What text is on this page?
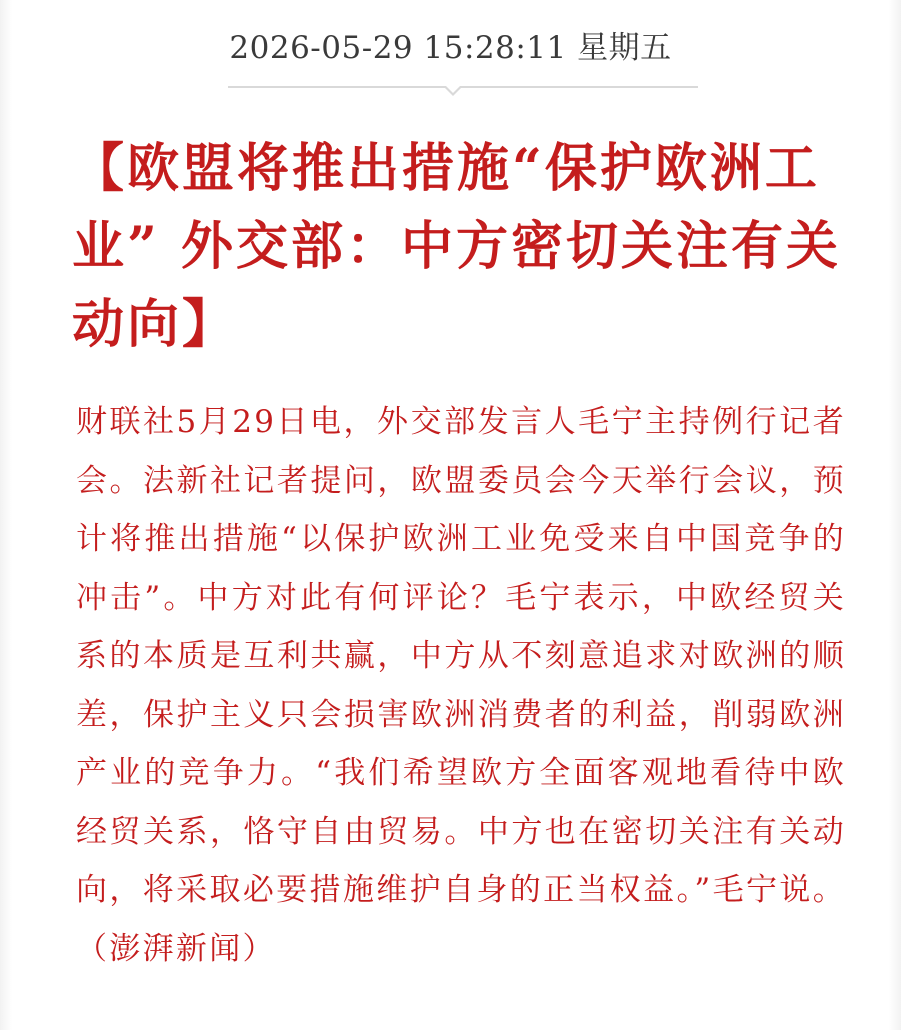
2026-05-29 15:28:11 星期五
【欧盟将推出措施“保护欧洲工业” 外交部：中方密切关注有关动向】
财联社5月29日电，外交部发言人毛宁主持例行记者会。法新社记者提问，欧盟委员会今天举行会议，预计将推出措施“以保护欧洲工业免受来自中国竞争的冲击”。中方对此有何评论？毛宁表示，中欧经贸关系的本质是互利共赢，中方从不刻意追求对欧洲的顺差，保护主义只会损害欧洲消费者的利益，削弱欧洲产业的竞争力。“我们希望欧方全面客观地看待中欧经贸关系，恪守自由贸易。中方也在密切关注有关动向，将采取必要措施维护自身的正当权益。”毛宁说。（澎湃新闻）
